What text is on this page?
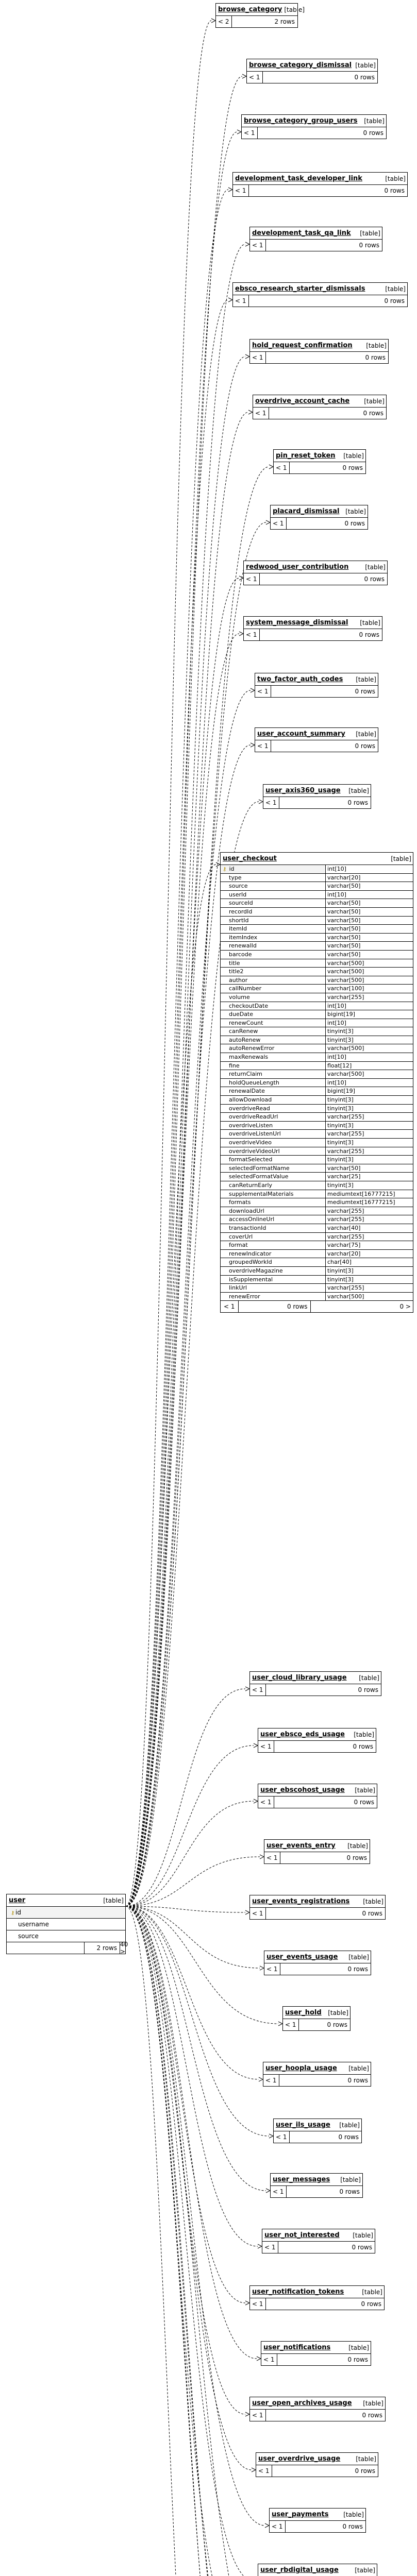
user	[table]
⚷ id
username
source
2 rows 40 >
user_checkout	[table]
⚷ id	int[10]
type	varchar[20]
source	varchar[50]
userId	int[10]
sourceId	varchar[50]
recordId	varchar[50]
shortId	varchar[50]
itemId	varchar[50]
itemIndex	varchar[50]
renewalId	varchar[50]
barcode	varchar[50]
title	varchar[500]
title2	varchar[500]
author	varchar[500]
callNumber	varchar[100]
volume	varchar[255]
checkoutDate	int[10]
dueDate	bigint[19]
renewCount	int[10]
canRenew	tinyint[3]
autoRenew	tinyint[3]
autoRenewError	varchar[500]
maxRenewals	int[10]
fine	float[12]
returnClaim	varchar[500]
holdQueueLength	int[10]
renewalDate	bigint[19]
allowDownload	tinyint[3]
overdriveRead	tinyint[3]
overdriveReadUrl	varchar[255]
overdriveListen	tinyint[3]
overdriveListenUrl	varchar[255]
overdriveVideo	tinyint[3]
overdriveVideoUrl	varchar[255]
formatSelected	tinyint[3]
selectedFormatName	varchar[50]
selectedFormatValue	varchar[25]
canReturnEarly	tinyint[3]
supplementalMaterials	mediumtext[16777215]
formats	mediumtext[16777215]
downloadUrl	varchar[255]
accessOnlineUrl	varchar[255]
transactionId	varchar[40]
coverUrl	varchar[255]
format	varchar[75]
renewIndicator	varchar[20]
groupedWorkId	char[40]
overdriveMagazine	tinyint[3]
isSupplemental	tinyint[3]
linkUrl	varchar[255]
renewError	varchar[500]
< 1	0 rows	0 >
browse_category [table]
< 2	2 rows
browse_category_dismissal [table]
< 1	0 rows
browse_category_group_users [table]
< 1	0 rows
development_task_developer_link	[table]
< 1	0 rows
development_task_qa_link [table]
< 1	0 rows
ebsco_research_starter_dismissals	[table]
< 1	0 rows
hold_request_confirmation [table]
< 1	0 rows
overdrive_account_cache [table]
< 1	0 rows
pin_reset_token [table]
< 1	0 rows
placard_dismissal [table]
< 1	0 rows
redwood_user_contribution	[table]
< 1	0 rows
system_message_dismissal [table]
< 1	0 rows
two_factor_auth_codes [table]
< 1	0 rows
user_account_summary [table]
< 1	0 rows
user_axis360_usage [table]
< 1	0 rows
user_cloud_library_usage [table]
< 1	0 rows
user_ebsco_eds_usage [table]
< 1	0 rows
user_ebscohost_usage [table]
< 1	0 rows
user_events_entry [table]
< 1	0 rows
user_events_registrations [table]
< 1	0 rows
user_events_usage [table]
< 1	0 rows
user_hold [table]
< 1	0 rows
user_hoopla_usage [table]
< 1	0 rows
user_ils_usage [table]
< 1	0 rows
user_messages [table]
< 1	0 rows
user_not_interested [table]
< 1	0 rows
user_notification_tokens	[table]
< 1	0 rows
user_notifications	[table]
< 1	0 rows
user_open_archives_usage [table]
< 1	0 rows
user_overdrive_usage	[table]
< 1	0 rows
user_payments [table]
< 1	0 rows
user_rbdigital_usage	[table]
